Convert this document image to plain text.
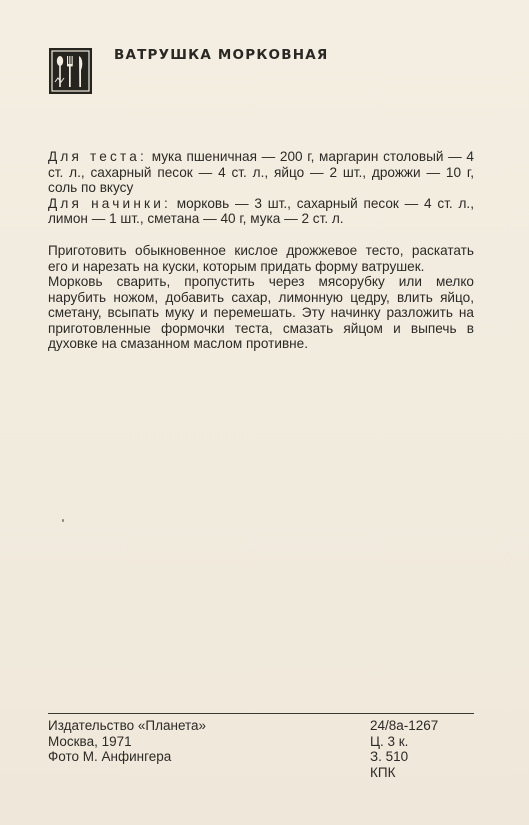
ВАТРУШКА МОРКОВНАЯ

Для теста: мука пшеничная — 200 г, маргарин столовый — 4 ст. л., сахарный песок — 4 ст. л., яйцо — 2 шт., дрожжи — 10 г, соль по вкусу

Для начинки: морковь — 3 шт., сахарный песок — 4 ст. л., лимон — 1 шт., сметана — 40 г, мука — 2 ст. л.

Приготовить обыкновенное кислое дрожжевое тесто, раскатать его и нарезать на куски, которым придать форму ватрушек.

Морковь сварить, пропустить через мясорубку или мелко нарубить ножом, добавить сахар, лимонную цедру, влить яйцо, сметану, всыпать муку и перемешать. Эту начинку разложить на приготовленные формочки теста, смазать яйцом и выпечь в духовке на смазанном маслом противне.

Издательство «Планета»
Москва, 1971
Фото М. Анфингера
24/8а-1267
Ц. 3 к.
З. 510
КПК
